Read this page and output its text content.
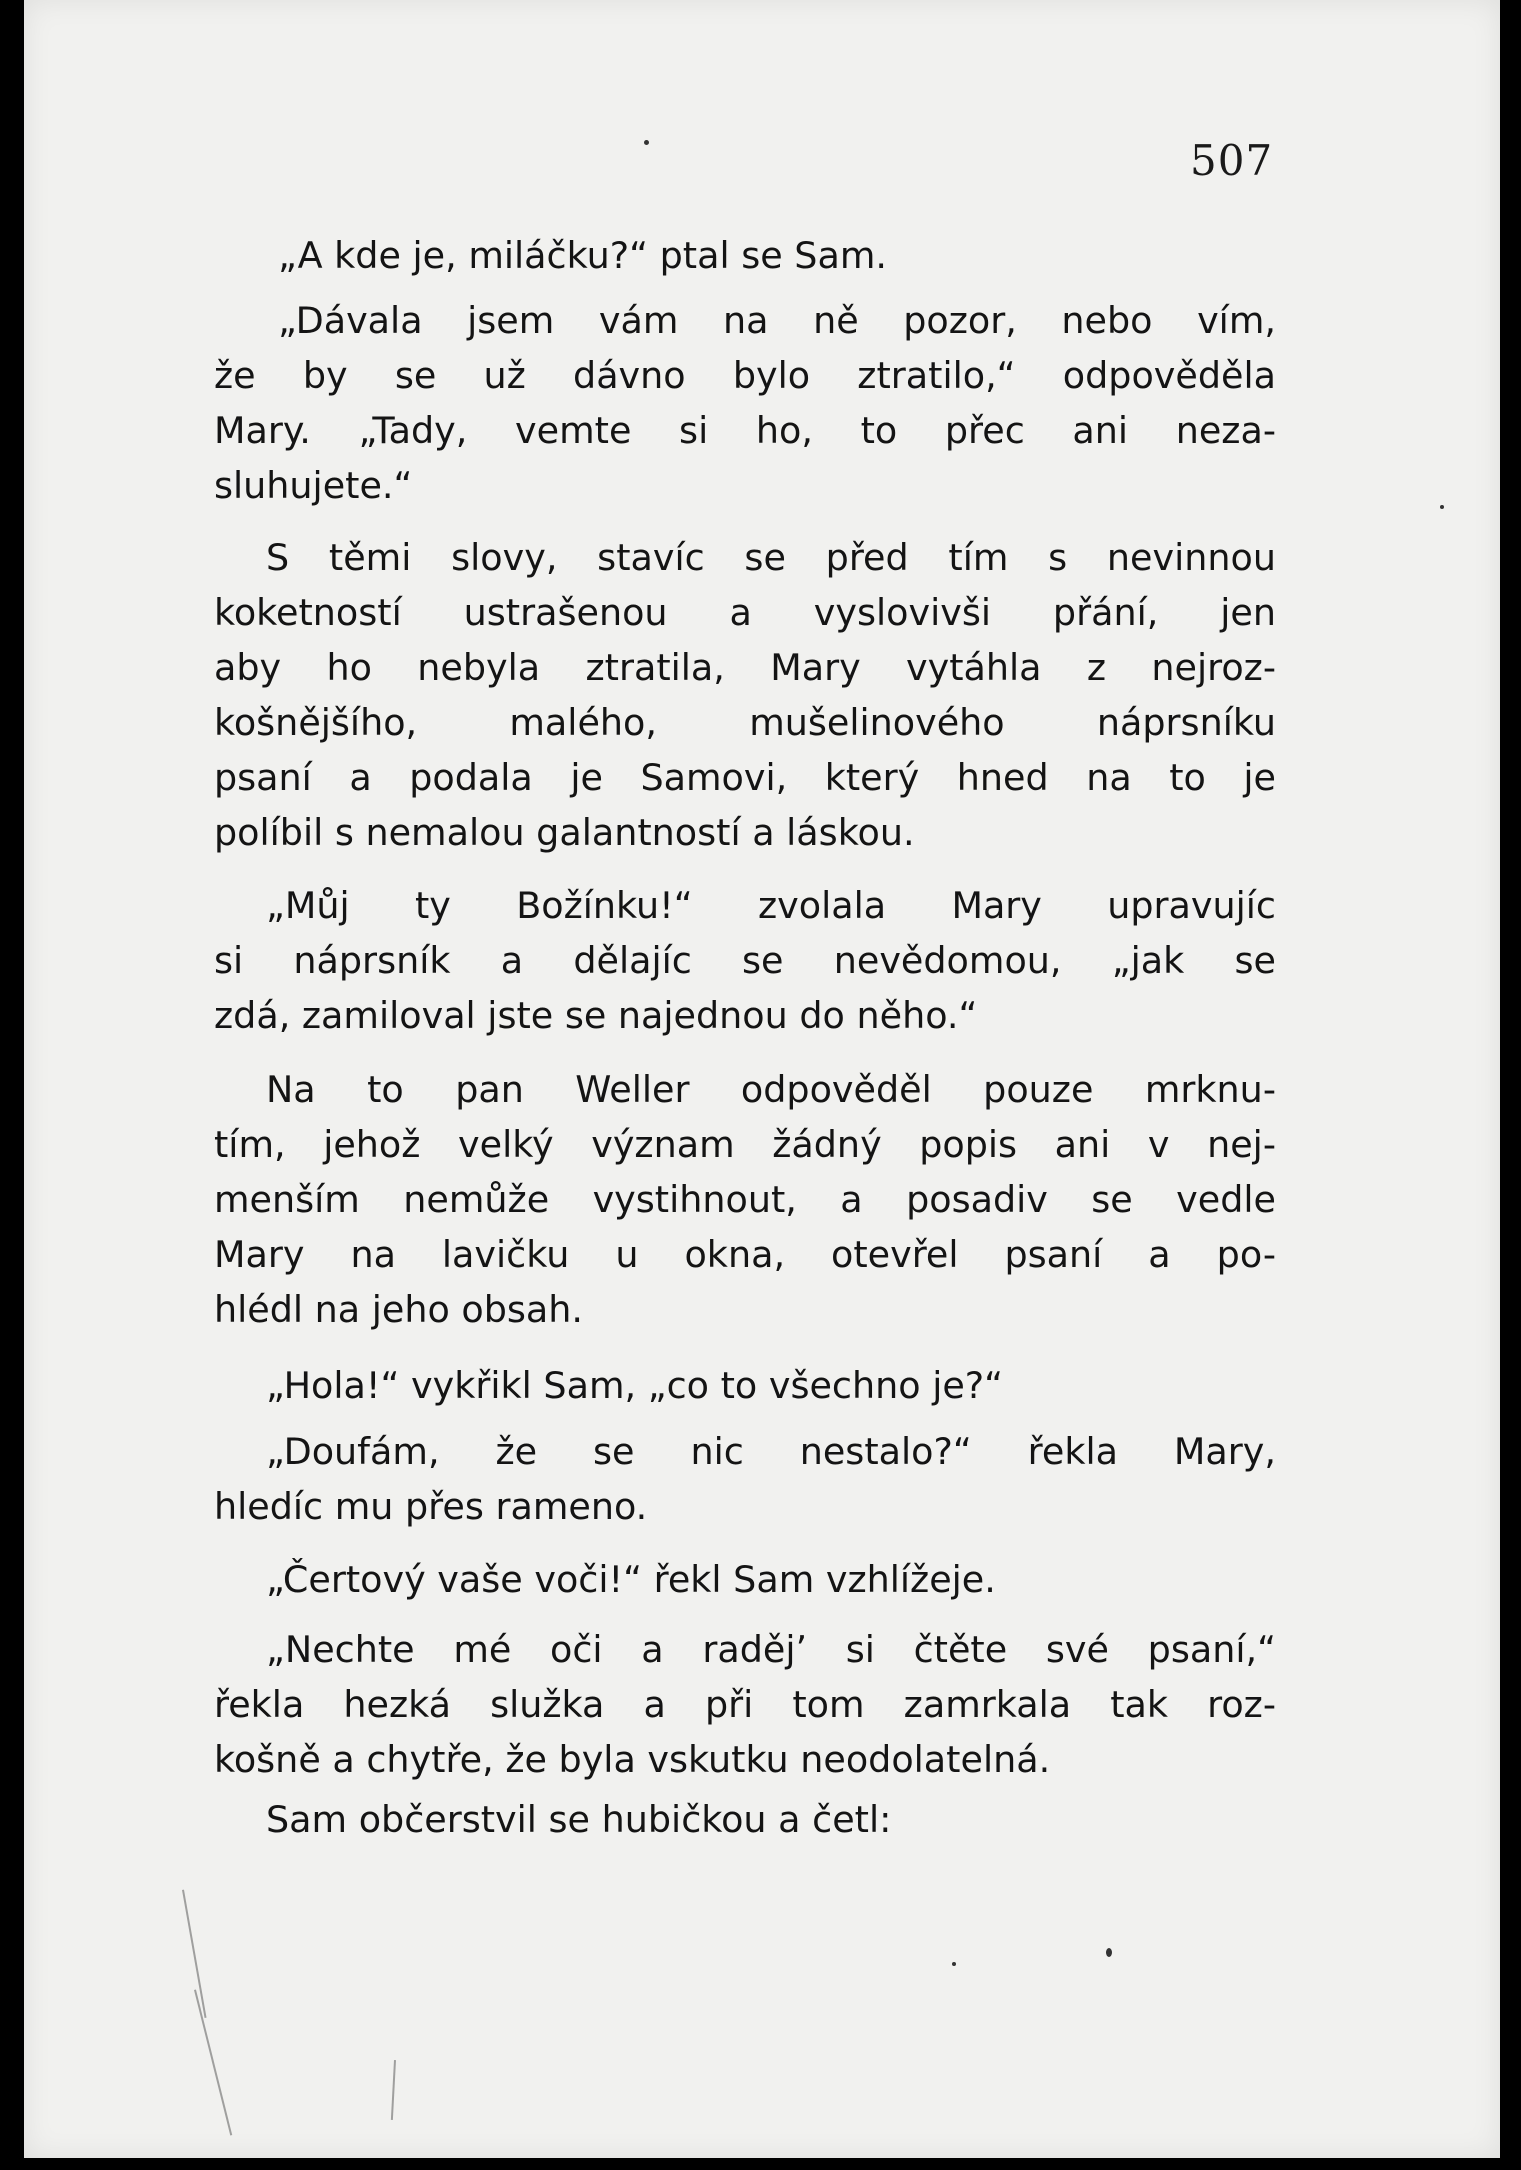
507
„A kde je, miláčku?“ ptal se Sam.
„Dávala jsem vám na ně pozor, nebo vím,
že by se už dávno bylo ztratilo,“ odpověděla
Mary. „Tady, vemte si ho, to přec ani neza-
sluhujete.“
S těmi slovy, stavíc se před tím s nevinnou
koketností ustrašenou a vyslovivši přání, jen
aby ho nebyla ztratila, Mary vytáhla z nejroz-
košnějšího, malého, mušelinového náprsníku
psaní a podala je Samovi, který hned na to je
políbil s nemalou galantností a láskou.
„Můj ty Božínku!“ zvolala Mary upravujíc
si náprsník a dělajíc se nevědomou, „jak se
zdá, zamiloval jste se najednou do něho.“
Na to pan Weller odpověděl pouze mrknu-
tím, jehož velký význam žádný popis ani v nej-
menším nemůže vystihnout, a posadiv se vedle
Mary na lavičku u okna, otevřel psaní a po-
hlédl na jeho obsah.
„Hola!“ vykřikl Sam, „co to všechno je?“
„Doufám, že se nic nestalo?“ řekla Mary,
hledíc mu přes rameno.
„Čertový vaše voči!“ řekl Sam vzhlížeje.
„Nechte mé oči a raděj’ si čtěte své psaní,“
řekla hezká služka a při tom zamrkala tak roz-
košně a chytře, že byla vskutku neodolatelná.
Sam občerstvil se hubičkou a četl:
